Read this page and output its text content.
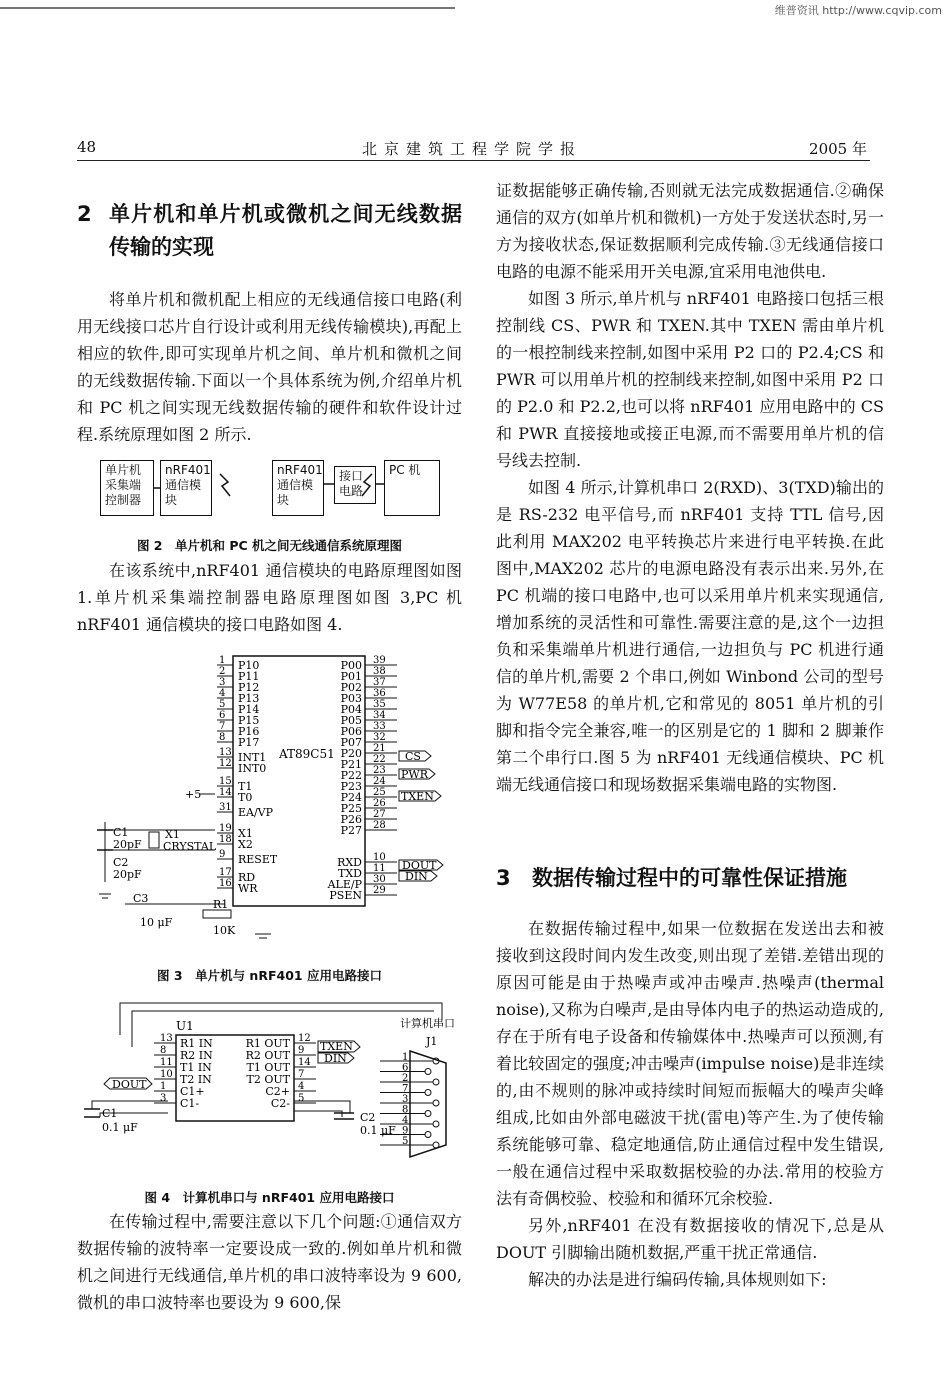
维普资讯 http://www.cqvip.com
48	北京建筑工程学院学报	2005 年
2 单片机和单片机或微机之间无线数据传输的实现

将单片机和微机配上相应的无线通信接口电路(利用无线接口芯片自行设计或利用无线传输模块),再配上相应的软件,即可实现单片机之间、单片机和微机之间的无线数据传输.下面以一个具体系统为例,介绍单片机和 PC 机之间实现无线数据传输的硬件和软件设计过程.系统原理如图 2 所示.

单片机采集端控制器
nRF401通信模块
nRF401通信模块
接口电路
PC 机
图 2　单片机和 PC 机之间无线通信系统原理图

在该系统中,nRF401 通信模块的电路原理图如图 1.单片机采集端控制器电路原理图如图 3,PC 机 nRF401 通信模块的接口电路如图 4.

AT89C51
1 P10
2 P11
3 P12
4 P13
5 P14
6 P15
7 P16
8 P17
13 INT1
12 INT0
15 T1
14 T0
31 EA/VP
19 X1
18 X2
9 RESET
17 RD
16 WR
39
P00 38
P01 37
P02 36
P03 35
P04 34
P05 33
P06 32
P07 21
P20 22
P21 23
P22 24
P23 25
P24 26
P25 27
P26 28
P27
10
RXD 11
TXD 30
ALE/P 29
PSEN
CS
PWR
TXEN
DOUT
DIN
+5
C1
20pF
C2
20pF
X1
CRYSTAL
C3
10 μF
R1
10K
图 3　单片机与 nRF401 应用电路接口
U1
13 R1 IN
8 R2 IN
11 T1 IN
10 T2 IN
1 C1+
3 C1-
12
R1 OUT
9
R2 OUT
14
T1 OUT
7
T2 OUT
4
C2+
5
C2-
计算机串口
J1
1
6
2
7
3
8
4
9
5
TXEN
DIN
DOUT
C1
0.1 μF
C2
0.1 μF
图 4　计算机串口与 nRF401 应用电路接口

在传输过程中,需要注意以下几个问题:①通信双方数据传输的波特率一定要设成一致的.例如单片机和微机之间进行无线通信,单片机的串口波特率设为 9 600,微机的串口波特率也要设为 9 600,保

证数据能够正确传输,否则就无法完成数据通信.②确保通信的双方(如单片机和微机)一方处于发送状态时,另一方为接收状态,保证数据顺利完成传输.③无线通信接口电路的电源不能采用开关电源,宜采用电池供电.

如图 3 所示,单片机与 nRF401 电路接口包括三根控制线 CS、PWR 和 TXEN.其中 TXEN 需由单片机的一根控制线来控制,如图中采用 P2 口的 P2.4;CS 和 PWR 可以用单片机的控制线来控制,如图中采用 P2 口的 P2.0 和 P2.2,也可以将 nRF401 应用电路中的 CS 和 PWR 直接接地或接正电源,而不需要用单片机的信号线去控制.

如图 4 所示,计算机串口 2(RXD)、3(TXD)输出的是 RS-232 电平信号,而 nRF401 支持 TTL 信号,因此利用 MAX202 电平转换芯片来进行电平转换.在此图中,MAX202 芯片的电源电路没有表示出来.另外,在 PC 机端的接口电路中,也可以采用单片机来实现通信,增加系统的灵活性和可靠性.需要注意的是,这个一边担负和采集端单片机进行通信,一边担负与 PC 机进行通信的单片机,需要 2 个串口,例如 Winbond 公司的型号为 W77E58 的单片机,它和常见的 8051 单片机的引脚和指令完全兼容,唯一的区别是它的 1 脚和 2 脚兼作第二个串行口.图 5 为 nRF401 无线通信模块、PC 机端无线通信接口和现场数据采集端电路的实物图.

3	数据传输过程中的可靠性保证措施

在数据传输过程中,如果一位数据在发送出去和被接收到这段时间内发生改变,则出现了差错.差错出现的原因可能是由于热噪声或冲击噪声.热噪声(thermal noise),又称为白噪声,是由导体内电子的热运动造成的,存在于所有电子设备和传输媒体中.热噪声可以预测,有着比较固定的强度;冲击噪声(impulse noise)是非连续的,由不规则的脉冲或持续时间短而振幅大的噪声尖峰组成,比如由外部电磁波干扰(雷电)等产生.为了使传输系统能够可靠、稳定地通信,防止通信过程中发生错误,一般在通信过程中采取数据校验的办法.常用的校验方法有奇偶校验、校验和和循环冗余校验.

另外,nRF401 在没有数据接收的情况下,总是从 DOUT 引脚输出随机数据,严重干扰正常通信.

解决的办法是进行编码传输,具体规则如下:
